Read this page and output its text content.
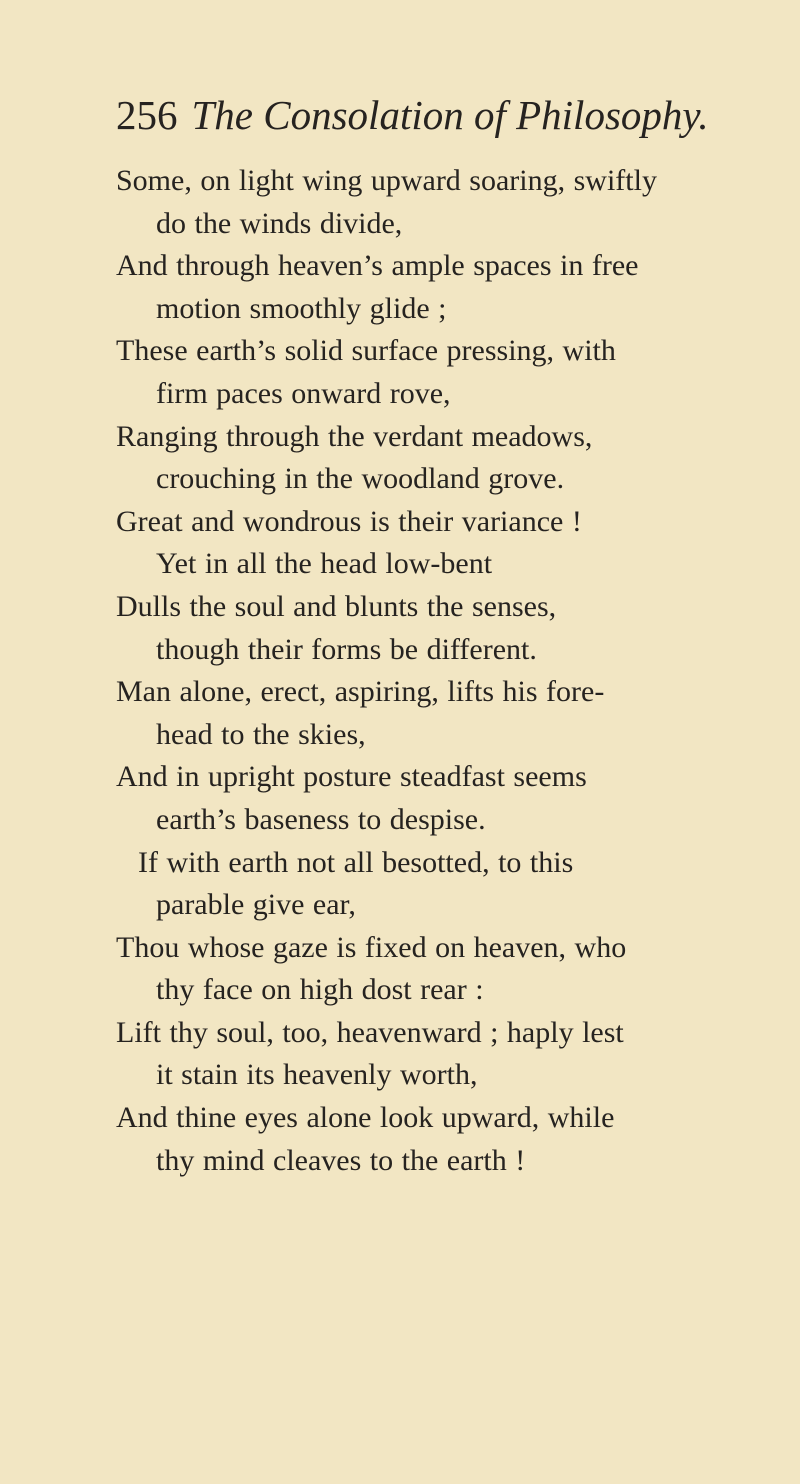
256 The Consolation of Philosophy.
Some, on light wing upward soaring, swiftly
do the winds divide,
And through heaven’s ample spaces in free
motion smoothly glide ;
These earth’s solid surface pressing, with
firm paces onward rove,
Ranging through the verdant meadows,
crouching in the woodland grove.
Great and wondrous is their variance !
Yet in all the head low-bent
Dulls the soul and blunts the senses,
though their forms be different.
Man alone, erect, aspiring, lifts his fore-
head to the skies,
And in upright posture steadfast seems
earth’s baseness to despise.
If with earth not all besotted, to this
parable give ear,
Thou whose gaze is fixed on heaven, who
thy face on high dost rear :
Lift thy soul, too, heavenward ; haply lest
it stain its heavenly worth,
And thine eyes alone look upward, while
thy mind cleaves to the earth !
